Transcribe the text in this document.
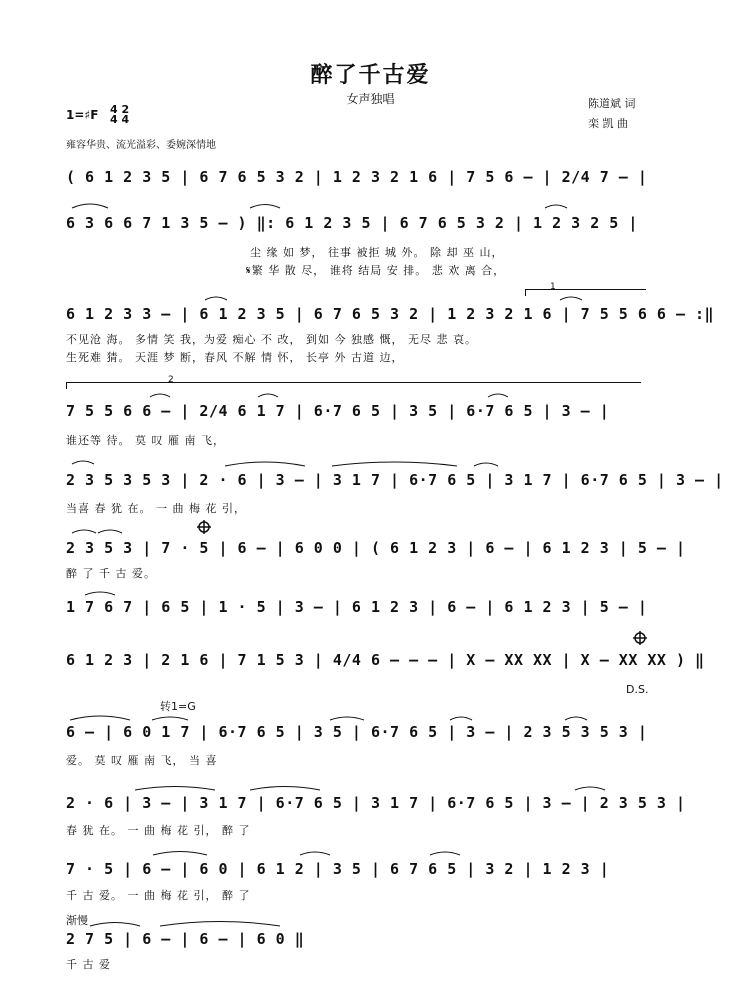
醉了千古爱
女声独唱	陈道斌 词
栾 凯 曲
1=♯F 4 2
4 4
雍容华贵、流光溢彩、委婉深情地
( 6 1 2 3 5 | 6 7 6 5 3 2 | 1 2 3 2 1 6 | 7 5 6 – | 2/4 7 – |
6 3 6 6 7 1 3 5 – ) ‖: 6 1 2 3 5 | 6 7 6 5 3 2 | 1 2 3 2 5 |
尘 缘 如 梦， 往事 被拒 城 外。 除 却 巫 山，
𝄋繁 华 散 尽， 谁将 结局 安 排。 悲 欢 离 合，
1
6 1 2 3 3 – | 6 1 2 3 5 | 6 7 6 5 3 2 | 1 2 3 2 1 6 | 7 5 5 6 6 – :‖
不见沧 海。 多情 笑 我，为爱 痴心 不 改， 到如 今 独感 慨， 无尽 悲 哀。
生死难 猜。 天涯 梦 断，春风 不解 情 怀， 长亭 外 古道 边，
2
7 5 5 6 6 – | 2/4 6 1 7 | 6·7 6 5 | 3 5 | 6·7 6 5 | 3 – |
谁还等 待。 莫 叹 雁 南 飞，
2 3 5 3 5 3 | 2 · 6 | 3 – | 3 1 7 | 6·7 6 5 | 3 1 7 | 6·7 6 5 | 3 – |
当喜 春 犹 在。 一 曲 梅 花 引，
2 3 5 3 | 7 · 5 | 6 – | 6 0 0 | ( 6 1 2 3 | 6 – | 6 1 2 3 | 5 – |
醉 了 千 古 爱。
1 7 6 7 | 6 5 | 1 · 5 | 3 – | 6 1 2 3 | 6 – | 6 1 2 3 | 5 – |
6 1 2 3 | 2 1 6 | 7 1 5 3 | 4/4 6 – – – | X – XX XX | X – XX XX ) ‖
D.S.
转1=G
6 – | 6 0 1 7 | 6·7 6 5 | 3 5 | 6·7 6 5 | 3 – | 2 3 5 3 5 3 |
爱。 莫 叹 雁 南 飞， 当 喜
2 · 6 | 3 – | 3 1 7 | 6·7 6 5 | 3 1 7 | 6·7 6 5 | 3 – | 2 3 5 3 |
春 犹 在。 一 曲 梅 花 引， 醉 了
7 · 5 | 6 – | 6 0 | 6 1 2 | 3 5 | 6 7 6 5 | 3 2 | 1 2 3 |
千 古 爱。 一 曲 梅 花 引， 醉 了
渐慢
2 7 5 | 6 – | 6 – | 6 0 ‖
千 古 爱
